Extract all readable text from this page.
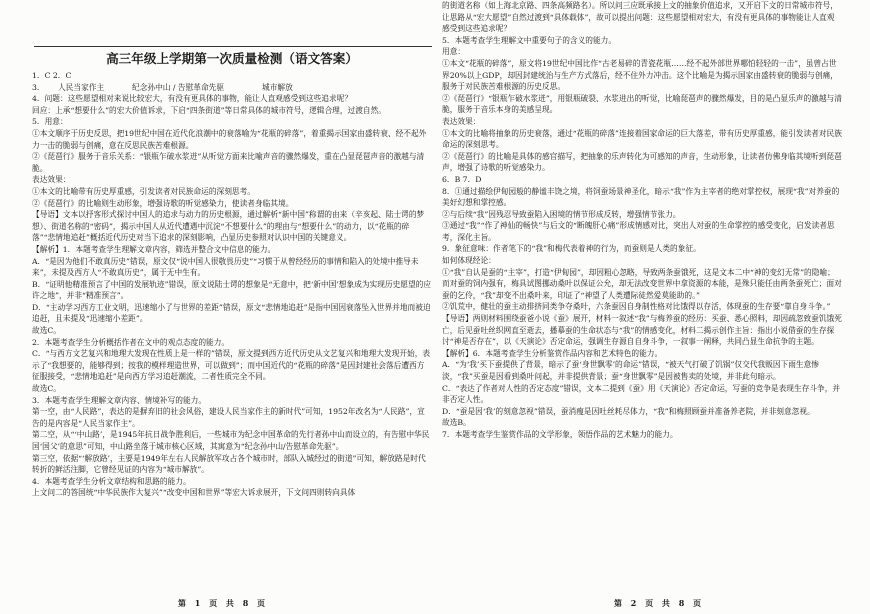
高三年级上学期第一次质量检测（语文答案）

1．C 2．C

3．	人民当家作主	纪念孙中山 / 告慰革命先驱	城市解放

4．问题：这些愿望相对来说比较宏大，有没有更具体的事物，能让人直观感受到这些追求呢？

回应：上承“想要什么”的宏大价值诉求，下启“四条街道”等日常具体的城市符号，逻辑合理，过渡自然。

5．用意：

①本文顺序于历史反思，把19世纪中国在近代化浪潮中的衰落喻为“花瓶的碎落”，着重揭示国家由盛转衰、经不起外力一击的脆弱与创痛，意在反思民族苦难根源。

②《琵琶行》服务于音乐关系：“银瓶乍破水浆迸”从听觉方面来比喻声音的骤然爆发，重在凸显琵琶声音的激越与清脆。

表达效果：

①本文的比喻带有历史厚重感，引发读者对民族命运的深刻思考。

②《琵琶行》的比喻则生动形象，增强诗歌的听觉感染力，使读者身临其境。

【导语】文本以抒客形式探讨中国人的追求与动力的历史根源，通过解析“新中国”称谓的由来（辛亥起、陆士谔的梦想）、街道名称的“密码”，揭示中国人从近代遭遇中沉淀“不想要什么”的理由与“想要什么”的动力，以“花瓶的碎落”“悲情地追赶”概括近代历史对当下追求的深刻影响，凸显历史参照对认识中国的关键意义。

【解析】1．本题考查学生理解文章内容，筛选并整合文中信息的能力。

A．“是因为他们不敢真历史”错误，原文仅“说中国人很敬畏历史”“习惯于从曾经经历的事情和陷入的处境中推导未来”，未提及西方人“不敢真历史”，属于无中生有。

B．“证明他精准预言了中国的发展轨迹”错误，原文说陆士谔的想象是“无意中，把‘新中国’想象成为实现历史愿望的应许之地”，并非“精准预言”。

D．“主动学习西方工业文明，迅速缩小了与世界的差距”错误，原文“悲情地追赶”是指中国因衰落坠入世界并地而被迫追赶，且未提及“迅速缩小差距”。

故选C。

2．本题考查学生分析概括作者在文中的观点态度的能力。

C．“与西方文艺复兴和地理大发现在性质上是一样的”错误，原文提到西方近代历史从文艺复兴和地理大发现开始，表示了“我想要的，能够得到；按我的模样理造世界，可以做到”；而中国近代的“花瓶的碎落”是因封建社会落后遭西方征服接受，“悲情地追赶”是向西方学习追赶潮流，二者性质完全不同。

故选C。

3．本题考查学生理解文章内容、情境补写的能力。

第一空，由“人民路”，表达的是摒弃旧的社会风俗，建设人民当家作主的新时代”可知，1952年改名为“人民路”，宣告的是内容是“人民当家作主”。

第二空，从“‘中山路’，是1945年抗日战争胜利后，一些城市为纪念中国革命的先行者孙中山而设立的，有告慰中华民国‘国父’的意思”可知，中山路坐落于城市核心区域，其寓意为“纪念孙中山/告慰革命先驱”。

第三空，依据“‘解放路’，主要是1949年左右人民解放军攻占各个城市时，部队入城经过的街道”可知，解放路是时代转折的鲜活注脚，它曾经见证的内容为“城市解放”。

4．本题考查学生分析文章结构和思路的能力。

上文问二的答国统“中华民族作大复兴”“改变中国和世界”等宏大诉求展开，下文问四则转向具体

的街道名称（如上海北京路、四条高频路名）。所以问三应既承接上文的抽象价值追求，又开启下文的日常城市符号，让思路从“宏大愿望”自然过渡到“具体载体”，故可以提出问题：这些愿望相对宏大，有没有更具体的事物能让人直观感受到这些追求呢？

5．本题考查学生理解文中重要句子的含义的能力。

用意：

①本文“花瓶的碎落”，原文将19世纪中国比作“古老易碎的青瓷花瓶……经不起外部世界哪怕轻轻的一击”，虽曾占世界20%以上GDP，却因封建统治与生产方式落后，经不住外力冲击。这个比喻是为揭示国家由盛转衰的脆弱与创痛，服务于对民族苦难根源的历史反思。

②《琵琶行》“银瓶乍破水浆迸”，用银瓶破裂、水浆进出的听觉，比喻琵琶声的骤然爆发，目的是凸显乐声的激越与清脆，服务于音乐本身的美感呈现。

表达效果：

①本文的比喻将抽象的历史衰落，通过“花瓶的碎落”连接着国家命运的巨大落差，带有历史厚重感，能引发读者对民族命运的深刻思考。

②《琵琶行》的比喻是具体的感官描写，把抽象的乐声转化为可感知的声音，生动形象，让读者仿佛身临其境听到琵琶声，增强了诗歌的听觉感染力。

6．B 7．D

8．①通过描绘伊甸园般的静谧丰饶之境，将饲蚕场景神圣化，暗示“我”作为主宰者的绝对掌控权，展现“我”对养蚕的美好幻想和掌控感。

②与后续“我”因残忍导致蚕陷入困境的情节形成反转，增强情节张力。

③通过“我”“作了神仙的畅快”与后文的“断魄肝心痛”形成情感对比，突出人对蚕的生命掌控的感受变化，启发读者思考，深化主旨。

9．象征意味：作者笔下的“我”和梅代表着神的行为，而蚕则是人类的象征。

如何体现经论：

①“我”自认是蚕的“主宰”，打造“伊甸园”，却因粗心忽略，导致两条蚕饿死，这是文本二中“神的变幻无常”的隐喻；而对蚕的饲内强有，梅具试图挪动桑叶以保证公允，却无法改变世界中拿资源的本能，是殊只能任由两条蚕死亡；面对蚕的乞伶，“我”却变不出桑叶来，印证了“神望了人类遭际徒然爱莫能助的。”

②饥荒中，健壮的蚕主动排挤同类争夺桑叶，六条蚕因自身制性格对比饿得以存活，体现蚕的生存要“靠自身斗争。”

【导语】两则材料围绕蚕爸小说《蚕》展开，材料一叙述“我”与梅养蚕的经历：买蚕、悉心照料，却因疏忽致蚕饥饿死亡，后见蚕吐丝织网直至逝去，播摹蚕的生命状态与“我”的情感变化，材料二揭示创作主旨：指出小说借蚕的生存探讨“神是否存在”，以《天演论》否定命运，强调生存源自自身斗争，一叙事一阐释，共同凸显生命抗争的主题。

【解析】6．本题考查学生分析鉴赏作品内容和艺术特色的能力。

A．“为‘我’买下蚕提供了背景，暗示了蚕‘身世飘零’的命运”错误，“被天气打破了饥锅”仅交代我贩因下雨生意惨淡，“我”买蚕是因看到桑叶问起，并非提供背景；蚕“身世飘零”是因被售卖的处境，并非此句暗示。

C．“表达了作者对人性的否定态度”错误，文本二提到《蚕》用《天演论》否定命运，写蚕的竞争是表现生存斗争，并非否定人性。

D．“蚕是因‘我’的刻意忽视”错误，蚕消瘦是因吐丝耗尽体力，“我”和梅照顾蚕并准备养老院，并非刻意忽视。

故选B。

7．本题考查学生鉴赏作品的文学形象，领悟作品的艺术魅力的能力。

第 1 页 共 8 页	第 2 页 共 8 页
